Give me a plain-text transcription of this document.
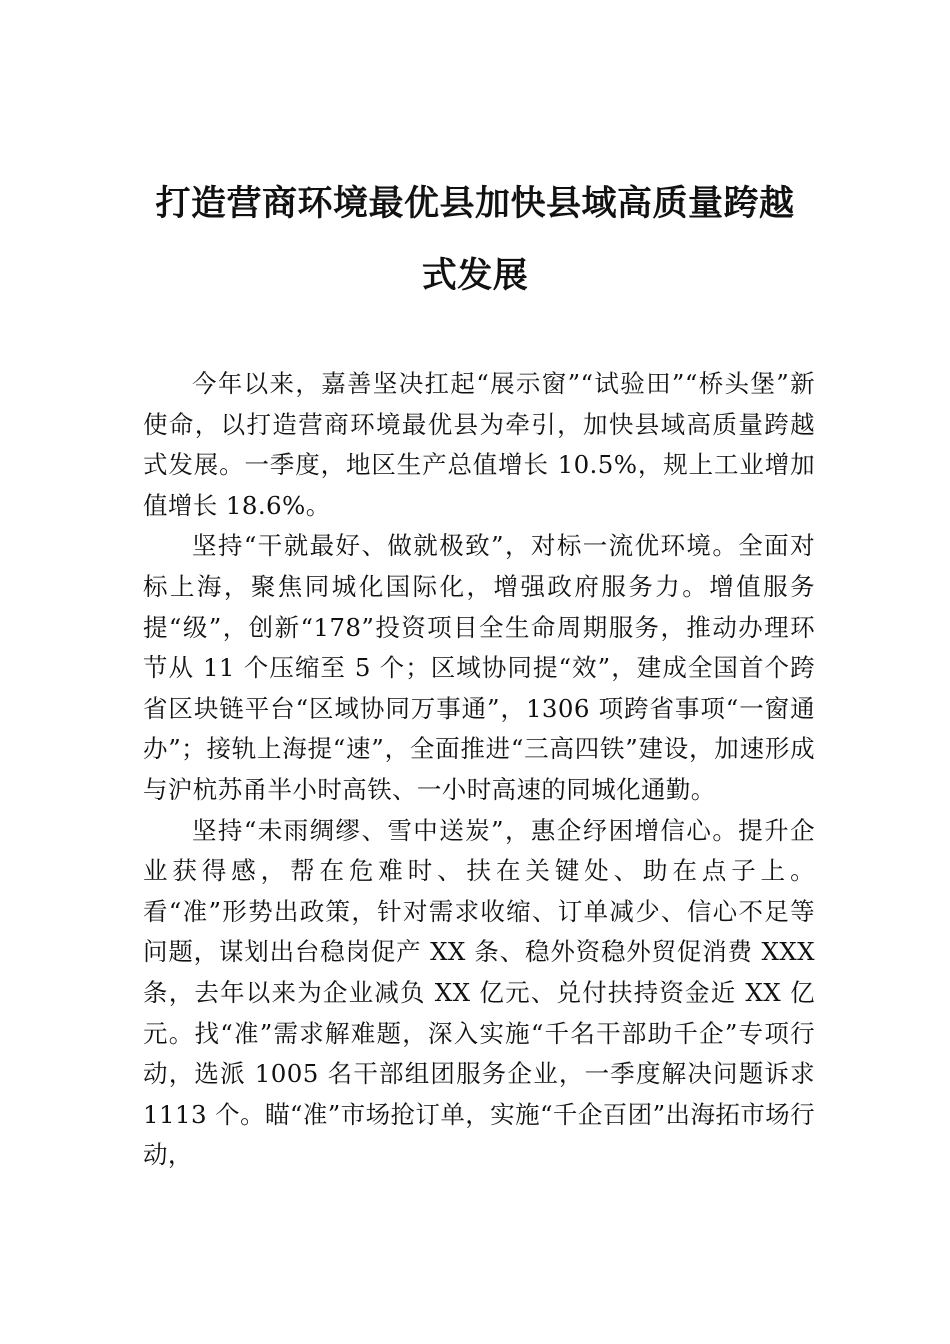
打造营商环境最优县加快县域高质量跨越式发展

今年以来，嘉善坚决扛起“展示窗”“试验田”“桥头堡”新使命，以打造营商环境最优县为牵引，加快县域高质量跨越式发展。一季度，地区生产总值增长 10.5%，规上工业增加值增长 18.6%。

坚持“干就最好、做就极致”，对标一流优环境。全面对标上海，聚焦同城化国际化，增强政府服务力。增值服务提“级”，创新“178”投资项目全生命周期服务，推动办理环节从 11 个压缩至 5 个；区域协同提“效”，建成全国首个跨省区块链平台“区域协同万事通”，1306 项跨省事项“一窗通办”；接轨上海提“速”，全面推进“三高四铁”建设，加速形成与沪杭苏甬半小时高铁、一小时高速的同城化通勤。

坚持“未雨绸缪、雪中送炭”，惠企纾困增信心。提升企业获得感，帮在危难时、扶在关键处、助在点子上。看“准”形势出政策，针对需求收缩、订单减少、信心不足等问题，谋划出台稳岗促产 XX 条、稳外资稳外贸促消费 XXX 条，去年以来为企业减负 XX 亿元、兑付扶持资金近 XX 亿元。找“准”需求解难题，深入实施“千名干部助千企”专项行动，选派 1005 名干部组团服务企业，一季度解决问题诉求 1113 个。瞄“准”市场抢订单，实施“千企百团”出海拓市场行动，
